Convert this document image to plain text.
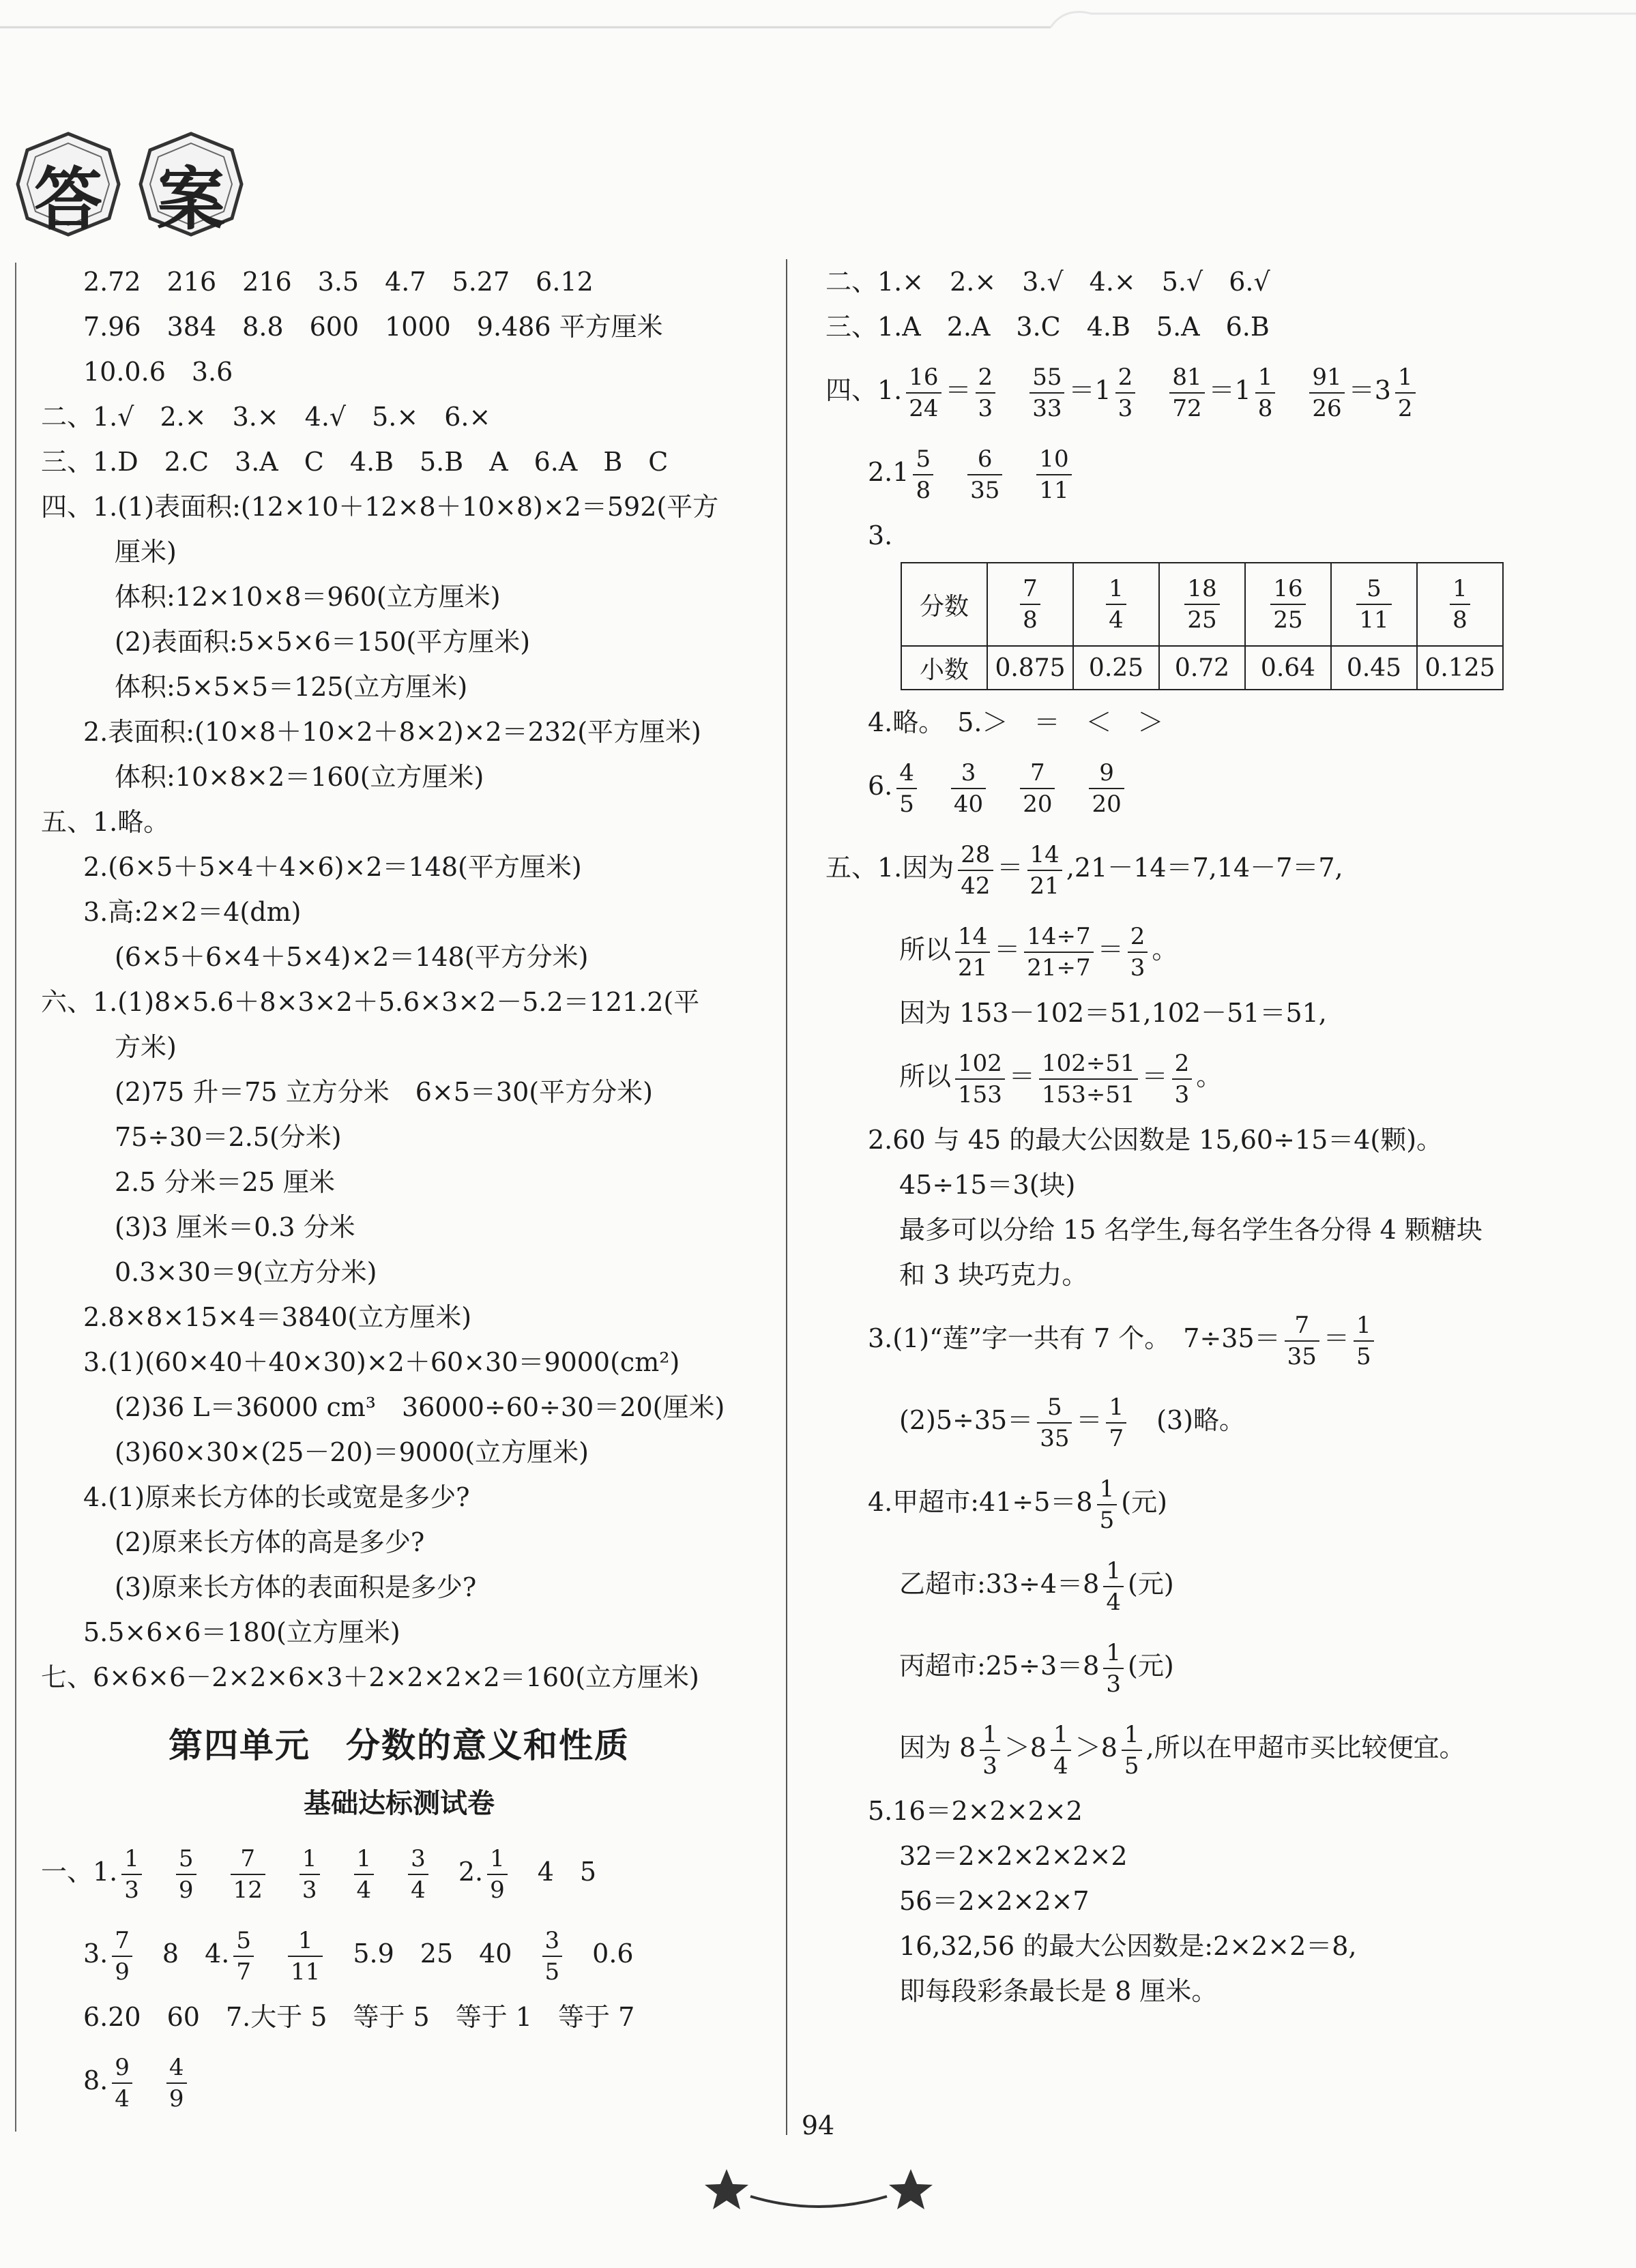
答 案
2.72　216　216　3.5　4.7　5.27　6.12
7.96　384　8.8　600　1000　9.486 平方厘米
10.0.6　3.6
二、1.√　2.×　3.×　4.√　5.×　6.×
三、1.D　2.C　3.A　C　4.B　5.B　A　6.A　B　C
四、1.(1)表面积:(12×10＋12×8＋10×8)×2＝592(平方
厘米)
体积:12×10×8＝960(立方厘米)
(2)表面积:5×5×6＝150(平方厘米)
体积:5×5×5＝125(立方厘米)
2.表面积:(10×8＋10×2＋8×2)×2＝232(平方厘米)
体积:10×8×2＝160(立方厘米)
五、1.略。
2.(6×5＋5×4＋4×6)×2＝148(平方厘米)
3.高:2×2＝4(dm)
(6×5＋6×4＋5×4)×2＝148(平方分米)
六、1.(1)8×5.6＋8×3×2＋5.6×3×2－5.2＝121.2(平
方米)
(2)75 升＝75 立方分米　6×5＝30(平方分米)
75÷30＝2.5(分米)
2.5 分米＝25 厘米
(3)3 厘米＝0.3 分米
0.3×30＝9(立方分米)
2.8×8×15×4＝3840(立方厘米)
3.(1)(60×40＋40×30)×2＋60×30＝9000(cm²)
(2)36 L＝36000 cm³　36000÷60÷30＝20(厘米)
(3)60×30×(25－20)＝9000(立方厘米)
4.(1)原来长方体的长或宽是多少?
(2)原来长方体的高是多少?
(3)原来长方体的表面积是多少?
5.5×6×6＝180(立方厘米)
七、6×6×6－2×2×6×3＋2×2×2×2＝160(立方厘米)
第四单元　分数的意义和性质
基础达标测试卷
一、1. $\frac{1}{3}$
　 $\frac{5}{9}$
　 $\frac{7}{12}$
　 $\frac{1}{3}$
　 $\frac{1}{4}$
　 $\frac{3}{4}$
　 2. $\frac{1}{9}$
　 4　5
3. $\frac{7}{9}$
　 8　 4. $\frac{5}{7}$
　 $\frac{1}{11}$
　 5.9　25　40　 $\frac{3}{5}$
　 0.6
6.20　60　7.大于 5　等于 5　等于 1　等于 7
8. $\frac{9}{4}$
　 $\frac{4}{9}$
二、1.×　2.×　3.√　4.×　5.√　6.√
三、1.A　2.A　3.C　4.B　5.A　6.B
四、1. $\frac{16}{24} = \frac{2}{3}$
　 $\frac{55}{33} =1 \frac{2}{3}$
　 $\frac{81}{72} =1 \frac{1}{8}$
　 $\frac{91}{26} =3 \frac{1}{2}$
$2.1 \frac{5}{8}$
　 $\frac{6}{35}$
　 $\frac{10}{11}$
3.
分数	$\frac{7}{8}$	$\frac{1}{4}$	$\frac{18}{25}$	$\frac{16}{25}$	$\frac{5}{11}$	$\frac{1}{8}$

小数	0.875	0.25	0.72	0.64	0.45	0.125
4.略。　5.＞　＝　＜　＞
6. $\frac{4}{5}$
　 $\frac{3}{40}$
　 $\frac{7}{20}$
　 $\frac{9}{20}$
五、1.因为 $\frac{28}{42} = \frac{14}{21} ,21-14=7,14-7=7$,
所以 $\frac{14}{21} = \frac{14\div 7}{21\div 7} = \frac{2}{3}$ 。
因为 153－102＝51,102－51＝51,
所以 $\frac{102}{153} = \frac{102\div 51}{153\div 51} = \frac{2}{3}$ 。
2.60 与 45 的最大公因数是 15,60÷15＝4(颗)。
45÷15＝3(块)
最多可以分给 15 名学生,每名学生各分得 4 颗糖块
和 3 块巧克力。
3.(1)“莲”字一共有 7 个。　$7\div 35= \frac{7}{35} = \frac{1}{5}$
$(2)5\div 35= \frac{5}{35} = \frac{1}{7}$
　 (3)略。
4.甲超市:41÷5＝8 $\frac{1}{5}$ (元)
乙超市:33÷4＝8 $\frac{1}{4}$ (元)
丙超市:25÷3＝8 $\frac{1}{3}$ (元)
因为 $8 \frac{1}{3} >8 \frac{1}{4} >8 \frac{1}{5}$ ,所以在甲超市买比较便宜。
5.16＝2×2×2×2
32＝2×2×2×2×2
56＝2×2×2×7
16,32,56 的最大公因数是:2×2×2＝8,
即每段彩条最长是 8 厘米。
94
